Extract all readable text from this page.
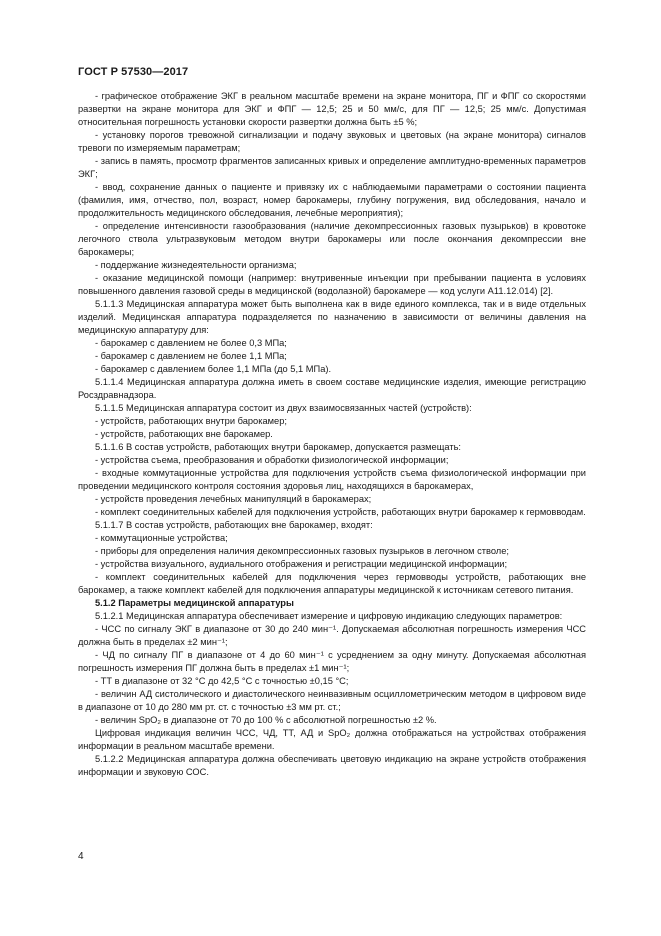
ГОСТ Р 57530—2017

- графическое отображение ЭКГ в реальном масштабе времени на экране монитора, ПГ и ФПГ со скоростями развертки на экране монитора для ЭКГ и ФПГ — 12,5; 25 и 50 мм/с, для ПГ — 12,5; 25 мм/с. Допустимая относительная погрешность установки скорости развертки должна быть ±5 %;

- установку порогов тревожной сигнализации и подачу звуковых и цветовых (на экране монитора) сигналов тревоги по измеряемым параметрам;

- запись в память, просмотр фрагментов записанных кривых и определение амплитудно-временных параметров ЭКГ;

- ввод, сохранение данных о пациенте и привязку их с наблюдаемыми параметрами о состоянии пациента (фамилия, имя, отчество, пол, возраст, номер барокамеры, глубину погружения, вид обследования, начало и продолжительность медицинского обследования, лечебные мероприятия);

- определение интенсивности газообразования (наличие декомпрессионных газовых пузырьков) в кровотоке легочного ствола ультразвуковым методом внутри барокамеры или после окончания декомпрессии вне барокамеры;

- поддержание жизнедеятельности организма;

- оказание медицинской помощи (например: внутривенные инъекции при пребывании пациента в условиях повышенного давления газовой среды в медицинской (водолазной) барокамере — код услуги А11.12.014) [2].

5.1.1.3 Медицинская аппаратура может быть выполнена как в виде единого комплекса, так и в виде отдельных изделий. Медицинская аппаратура подразделяется по назначению в зависимости от величины давления на медицинскую аппаратуру для:

- барокамер с давлением не более 0,3 МПа;

- барокамер с давлением не более 1,1 МПа;

- барокамер с давлением более 1,1 МПа (до 5,1 МПа).

5.1.1.4 Медицинская аппаратура должна иметь в своем составе медицинские изделия, имеющие регистрацию Росздравнадзора.

5.1.1.5 Медицинская аппаратура состоит из двух взаимосвязанных частей (устройств):

- устройств, работающих внутри барокамер;

- устройств, работающих вне барокамер.

5.1.1.6 В состав устройств, работающих внутри барокамер, допускается размещать:

- устройства съема, преобразования и обработки физиологической информации;

- входные коммутационные устройства для подключения устройств съема физиологической информации при проведении медицинского контроля состояния здоровья лиц, находящихся в барокамерах,

- устройств проведения лечебных манипуляций в барокамерах;

- комплект соединительных кабелей для подключения устройств, работающих внутри барокамер к гермовводам.

5.1.1.7 В состав устройств, работающих вне барокамер, входят:

- коммутационные устройства;

- приборы для определения наличия декомпрессионных газовых пузырьков в легочном стволе;

- устройства визуального, аудиального отображения и регистрации медицинской информации;

- комплект соединительных кабелей для подключения через гермовводы устройств, работающих вне барокамер, а также комплект кабелей для подключения аппаратуры медицинской к источникам сетевого питания.

5.1.2 Параметры медицинской аппаратуры

5.1.2.1 Медицинская аппаратура обеспечивает измерение и цифровую индикацию следующих параметров:

- ЧСС по сигналу ЭКГ в диапазоне от 30 до 240 мин⁻¹. Допускаемая абсолютная погрешность измерения ЧСС должна быть в пределах ±2 мин⁻¹;

- ЧД по сигналу ПГ в диапазоне от 4 до 60 мин⁻¹ с усреднением за одну минуту. Допускаемая абсолютная погрешность измерения ПГ должна быть в пределах ±1 мин⁻¹;

- ТТ в диапазоне от 32 °С до 42,5 °С с точностью ±0,15 °С;

- величин АД систолического и диастолического неинвазивным осциллометрическим методом в цифровом виде в диапазоне от 10 до 280 мм рт. ст. с точностью ±3 мм рт. ст.;

- величин SpO₂ в диапазоне от 70 до 100 % с абсолютной погрешностью ±2 %.

Цифровая индикация величин ЧСС, ЧД, ТТ, АД и SpO₂ должна отображаться на устройствах отображения информации в реальном масштабе времени.

5.1.2.2 Медицинская аппаратура должна обеспечивать цветовую индикацию на экране устройств отображения информации и звуковую СОС.

4
